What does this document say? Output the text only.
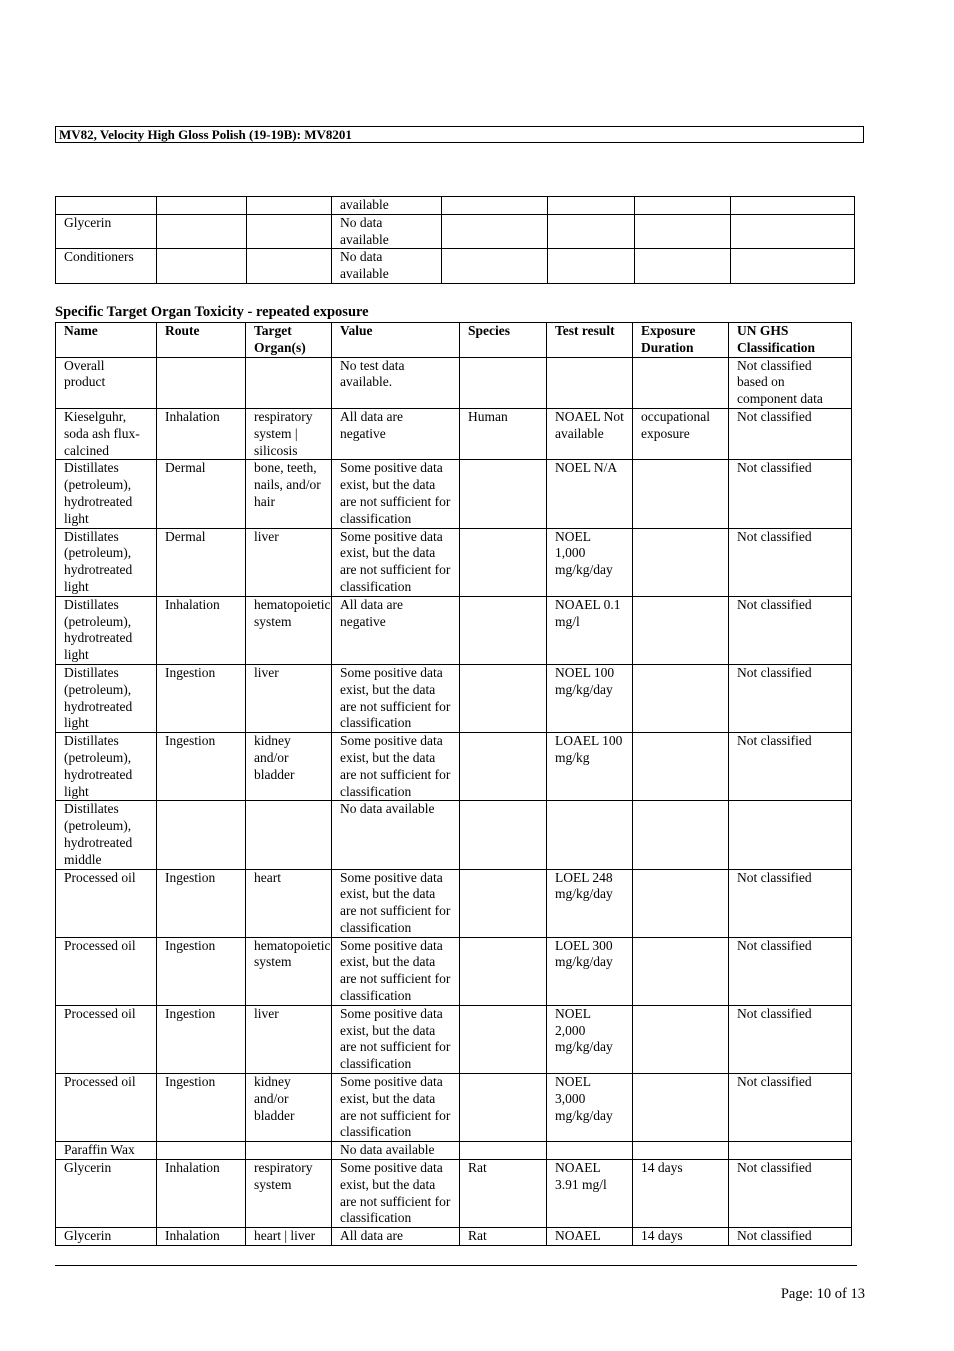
MV82, Velocity High Gloss Polish (19-19B): MV8201
			available				
Glycerin			No data available				
Conditioners			No data available				
Specific Target Organ Toxicity - repeated exposure
Name	Route	Target Organ(s)	Value	Species	Test result	Exposure Duration	UN GHS Classification
Overall product			No test data available.				Not classified based on component data
Kieselguhr, soda ash flux-calcined	Inhalation	respiratory system | silicosis	All data are negative	Human	NOAEL Not available	occupational exposure	Not classified
Distillates (petroleum), hydrotreated light	Dermal	bone, teeth, nails, and/or hair	Some positive data exist, but the data are not sufficient for classification		NOEL N/A		Not classified
Distillates (petroleum), hydrotreated light	Dermal	liver	Some positive data exist, but the data are not sufficient for classification		NOEL 1,000 mg/kg/day		Not classified
Distillates (petroleum), hydrotreated light	Inhalation	hematopoietic system	All data are negative		NOAEL 0.1 mg/l		Not classified
Distillates (petroleum), hydrotreated light	Ingestion	liver	Some positive data exist, but the data are not sufficient for classification		NOEL 100 mg/kg/day		Not classified
Distillates (petroleum), hydrotreated light	Ingestion	kidney and/or bladder	Some positive data exist, but the data are not sufficient for classification		LOAEL 100 mg/kg		Not classified
Distillates (petroleum), hydrotreated middle			No data available				
Processed oil	Ingestion	heart	Some positive data exist, but the data are not sufficient for classification		LOEL 248 mg/kg/day		Not classified
Processed oil	Ingestion	hematopoietic system	Some positive data exist, but the data are not sufficient for classification		LOEL 300 mg/kg/day		Not classified
Processed oil	Ingestion	liver	Some positive data exist, but the data are not sufficient for classification		NOEL 2,000 mg/kg/day		Not classified
Processed oil	Ingestion	kidney and/or bladder	Some positive data exist, but the data are not sufficient for classification		NOEL 3,000 mg/kg/day		Not classified
Paraffin Wax			No data available				
Glycerin	Inhalation	respiratory system	Some positive data exist, but the data are not sufficient for classification	Rat	NOAEL 3.91 mg/l	14 days	Not classified
Glycerin	Inhalation	heart | liver	All data are	Rat	NOAEL	14 days	Not classified
Page: 10 of 13
